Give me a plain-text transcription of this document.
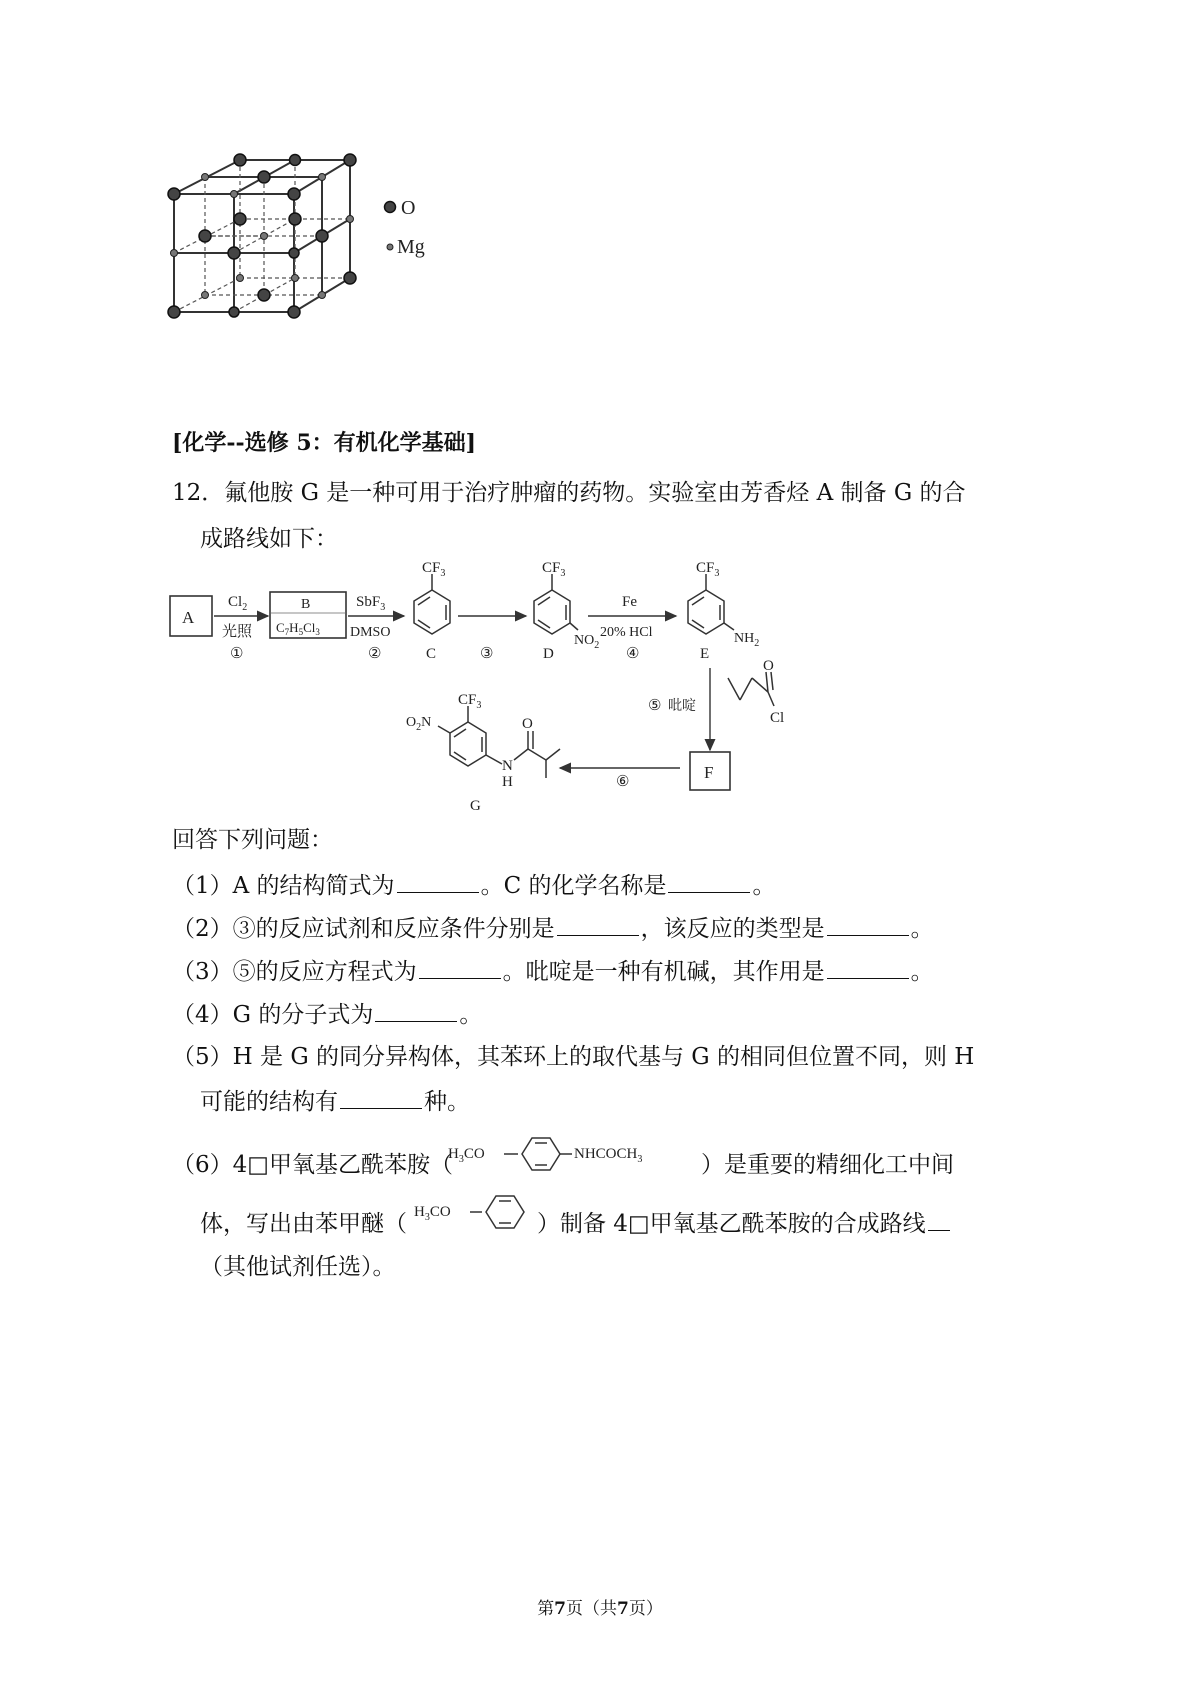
O
Mg
[化学--选修 5：有机化学基础]
12．氟他胺 G 是一种可用于治疗肿瘤的药物。实验室由芳香烃 A 制备 G 的合
成路线如下：
A
$Cl_2$
光照
①
B
$C_7H_5Cl_3$
SbF$_3$
DMSO
②
$CF_3$
C	③
$CF_3$
$NO_2$
D
Fe
20% HCl
④
$CF_3$
$NH_2$
E
⑤ 吡啶
O
Cl
F
⑥
$CF_3$
$O_2N$	O
N
H
G
回答下列问题：
（1）A 的结构简式为	。C 的化学名称是	。
（2）③的反应试剂和反应条件分别是	，该反应的类型是	。
（3）⑤的反应方程式为	。吡啶是一种有机碱，其作用是	。
（4）G 的分子式为	。
（5）H 是 G 的同分异构体，其苯环上的取代基与 G 的相同但位置不同，则 H
可能的结构有	种。
（6）4□甲氧基乙酰苯胺（	）是重要的精细化工中间
$H_3CO$	$NHCOCH_3$
体，写出由苯甲醚（	）制备 4□甲氧基乙酰苯胺的合成路线
$H_3CO$
（其他试剂任选）。
第7页（共7页）
